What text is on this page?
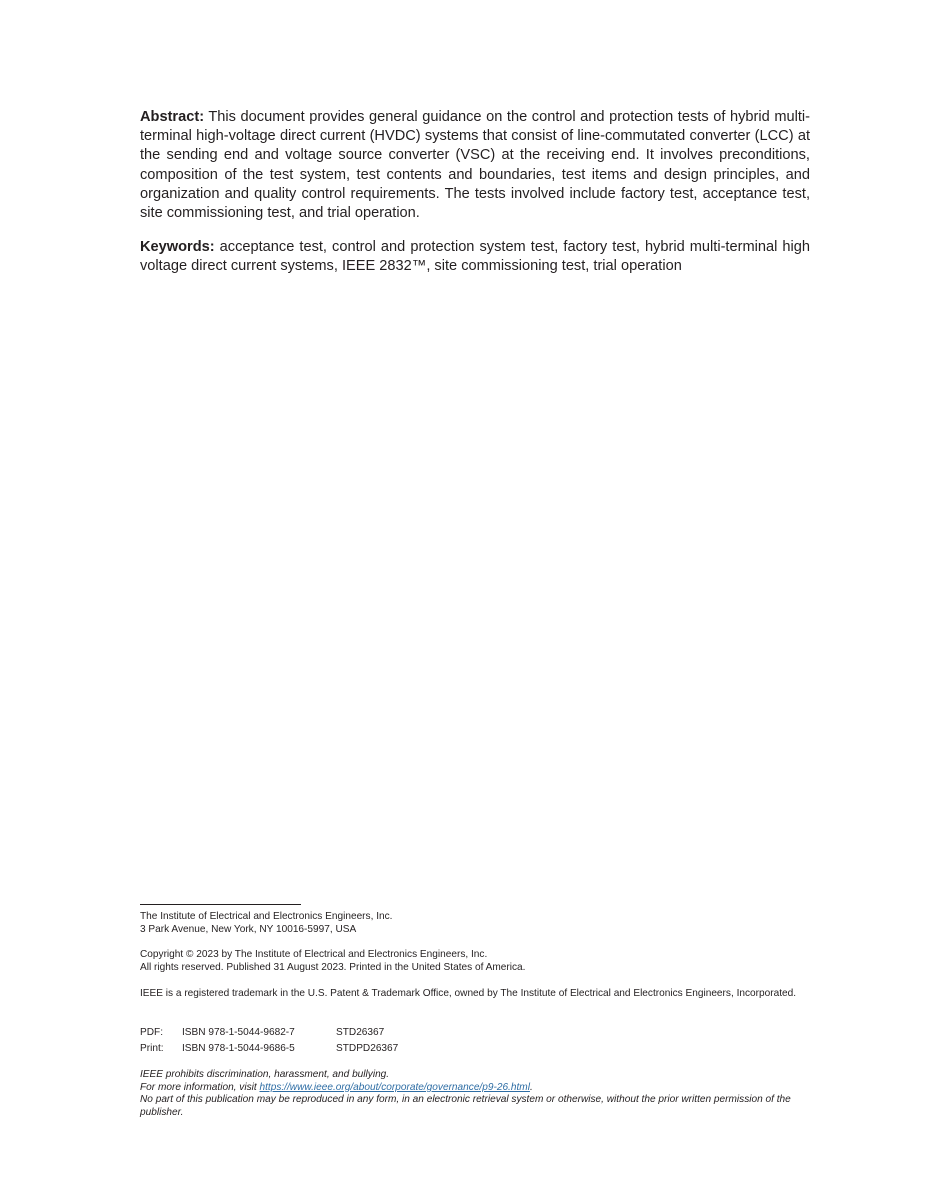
Abstract: This document provides general guidance on the control and protection tests of hybrid multi-terminal high-voltage direct current (HVDC) systems that consist of line-commutated converter (LCC) at the sending end and voltage source converter (VSC) at the receiving end. It involves preconditions, composition of the test system, test contents and boundaries, test items and design principles, and organization and quality control requirements. The tests involved include factory test, acceptance test, site commissioning test, and trial operation.

Keywords: acceptance test, control and protection system test, factory test, hybrid multi-terminal high voltage direct current systems, IEEE 2832™, site commissioning test, trial operation

The Institute of Electrical and Electronics Engineers, Inc.

3 Park Avenue, New York, NY 10016-5997, USA

Copyright © 2023 by The Institute of Electrical and Electronics Engineers, Inc.

All rights reserved. Published 31 August 2023. Printed in the United States of America.

IEEE is a registered trademark in the U.S. Patent & Trademark Office, owned by The Institute of Electrical and Electronics Engineers, Incorporated.

PDF:	ISBN 978-1-5044-9682-7	STD26367
Print:	ISBN 978-1-5044-9686-5	STDPD26367

IEEE prohibits discrimination, harassment, and bullying.

For more information, visit https://www.ieee.org/about/corporate/governance/p9-26.html.

No part of this publication may be reproduced in any form, in an electronic retrieval system or otherwise, without the prior written permission of the publisher.
